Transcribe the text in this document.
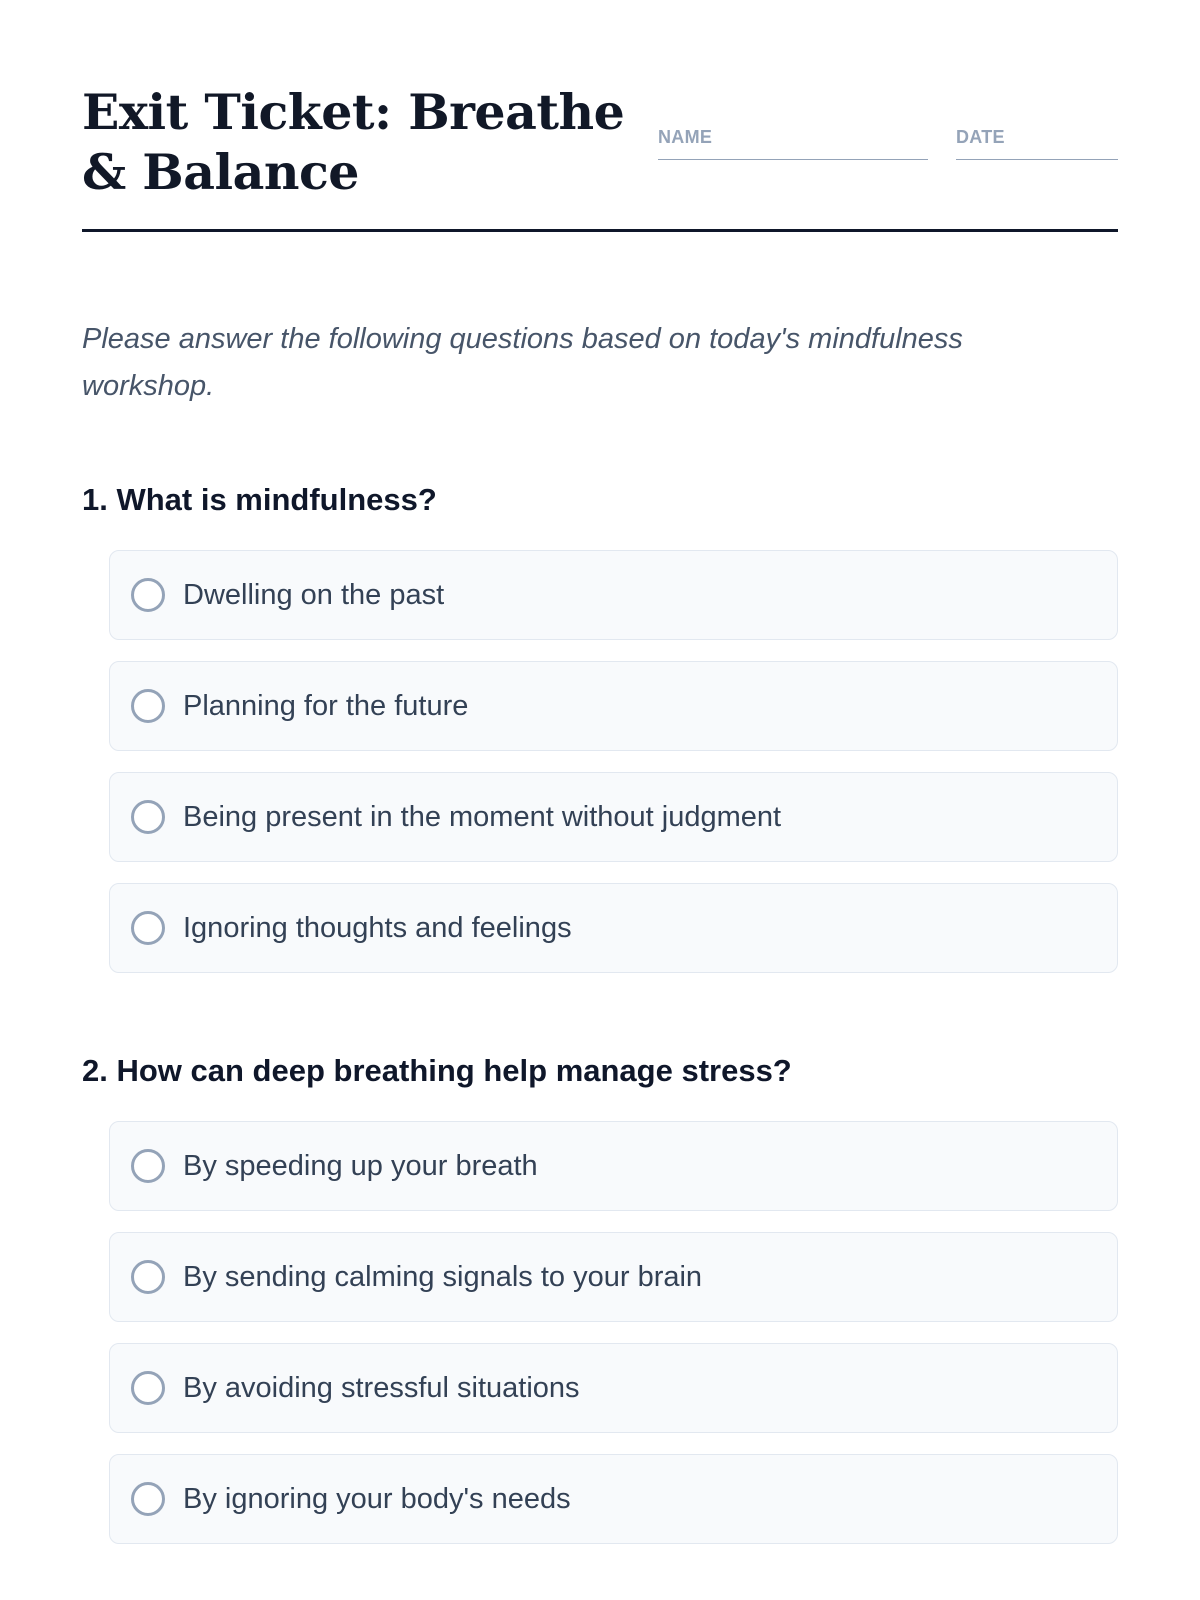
Exit Ticket: Breathe & Balance
NAME	DATE

Please answer the following questions based on today's mindfulness workshop.

1. What is mindfulness?
Dwelling on the past
Planning for the future
Being present in the moment without judgment
Ignoring thoughts and feelings
2. How can deep breathing help manage stress?
By speeding up your breath
By sending calming signals to your brain
By avoiding stressful situations
By ignoring your body's needs
